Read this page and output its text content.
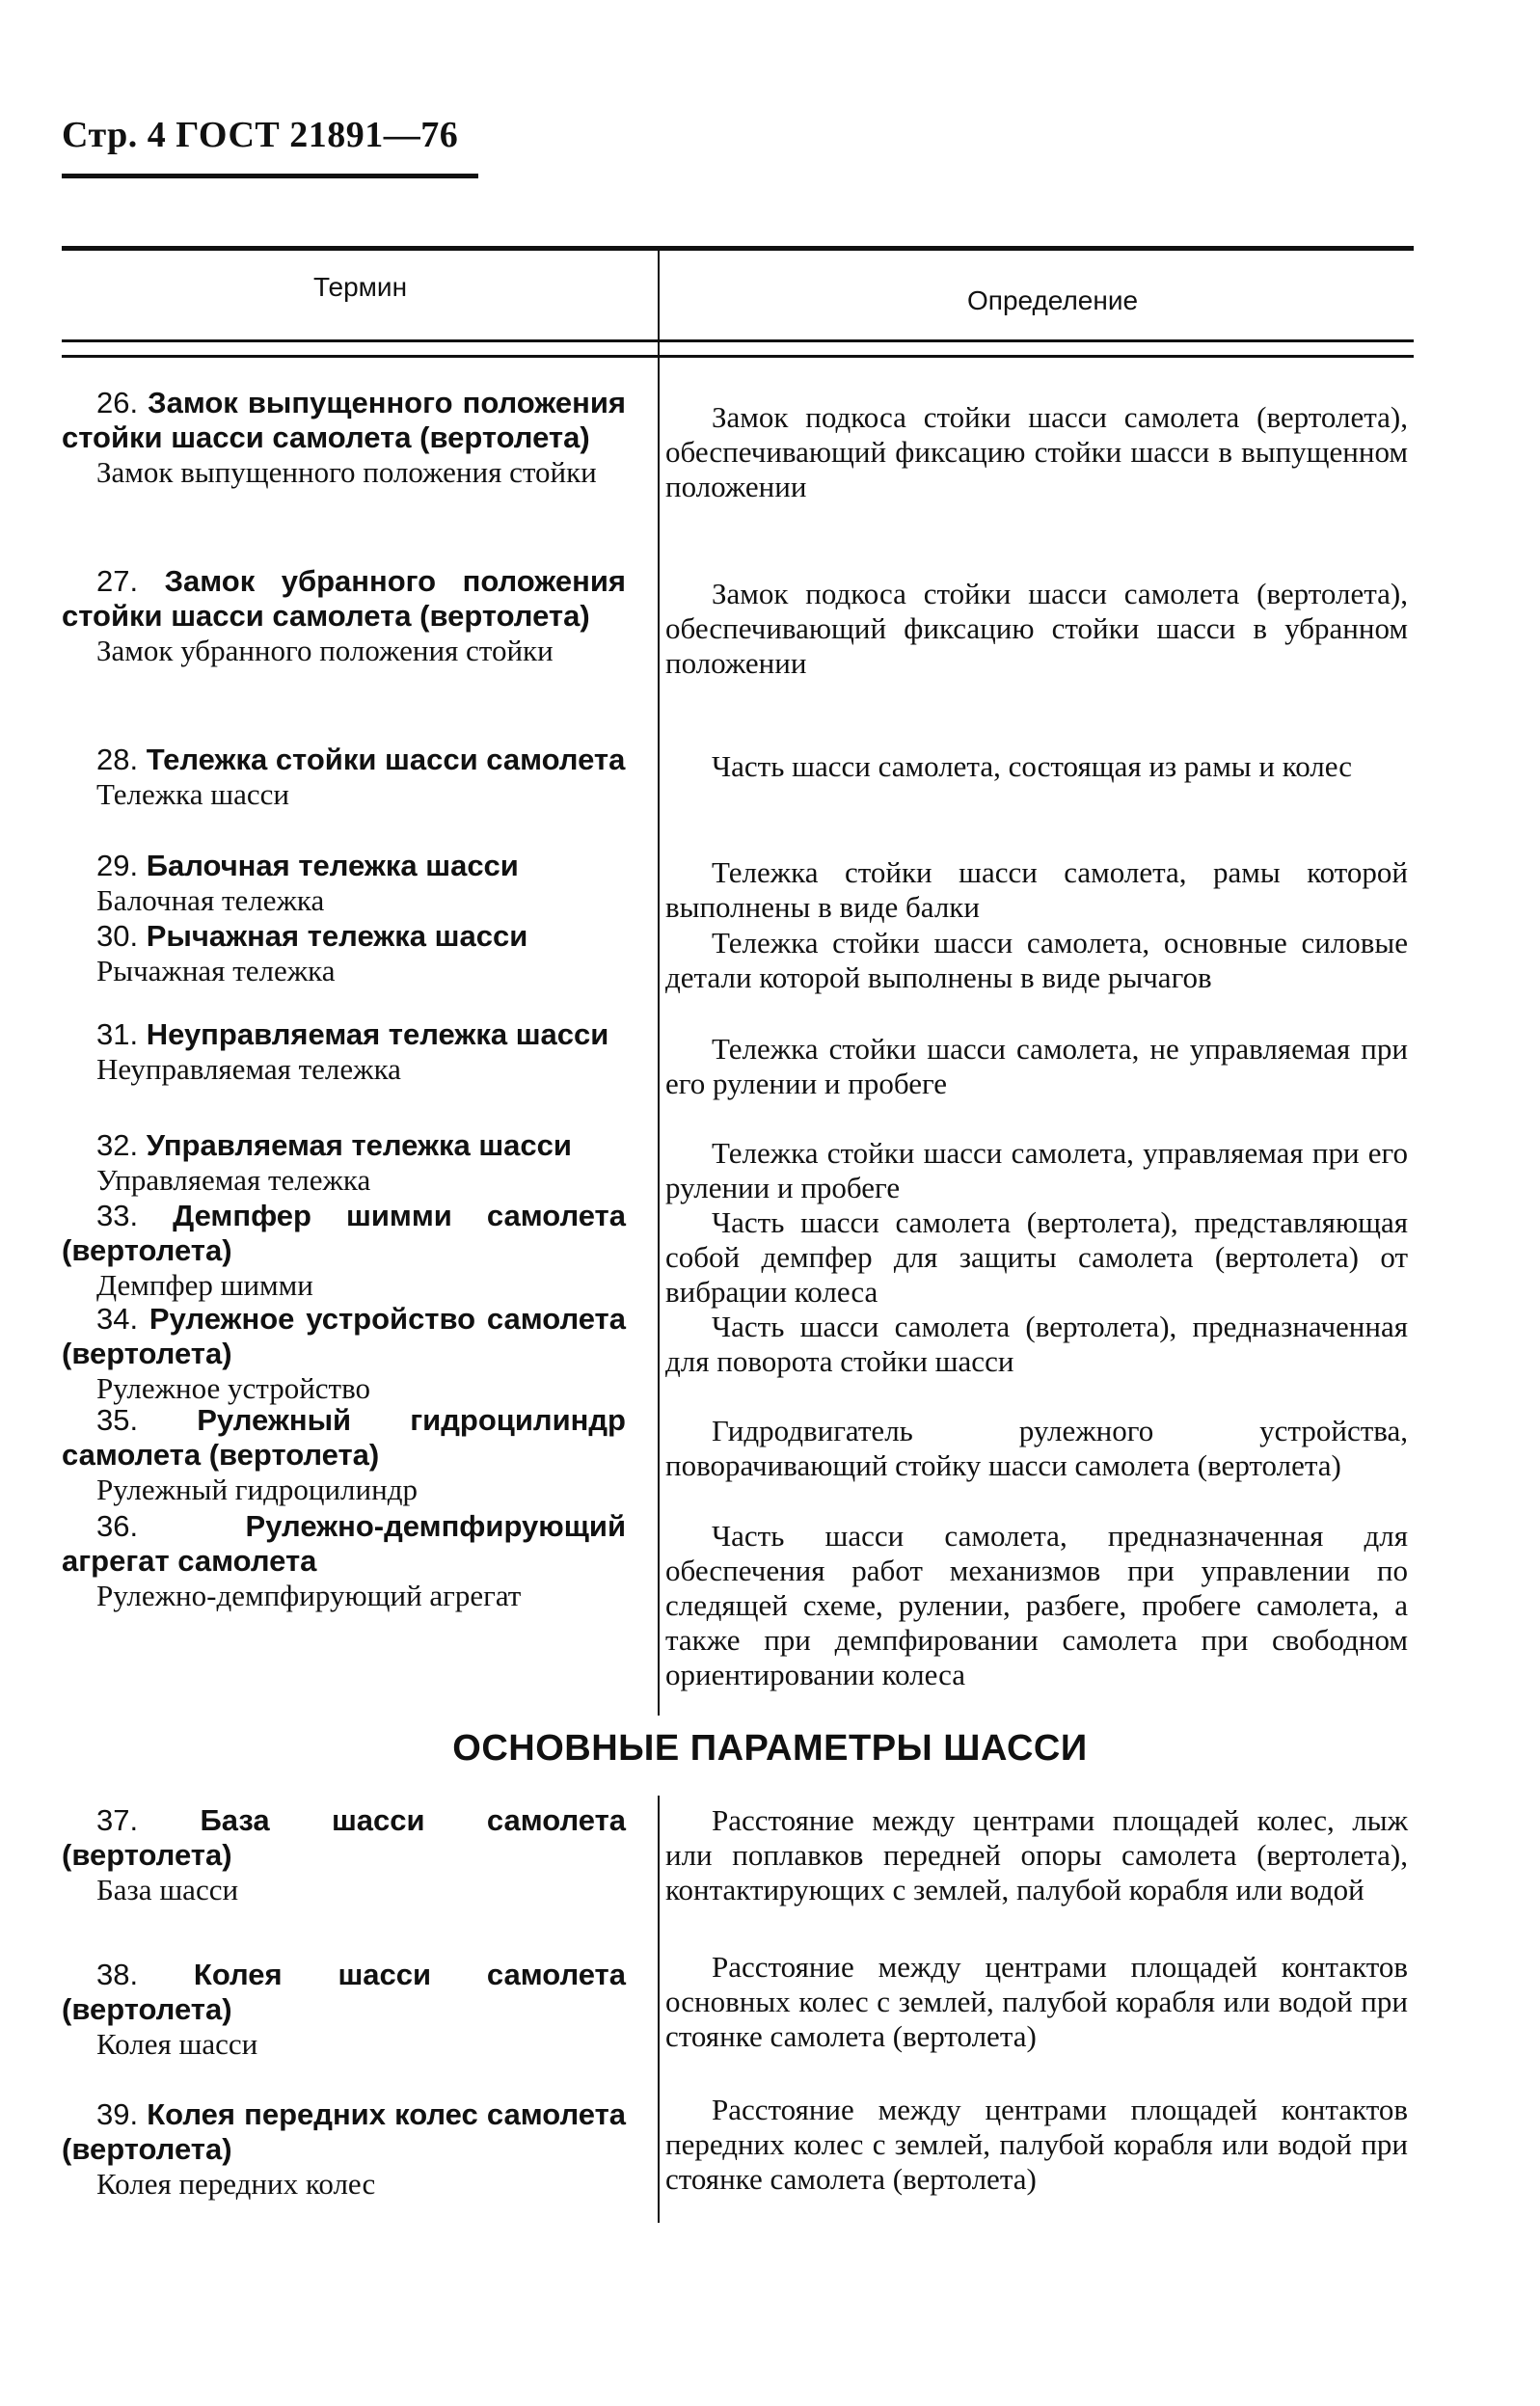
Стр. 4 ГОСТ 21891—76
Термин	Определение
ОСНОВНЫЕ ПАРАМЕТРЫ ШАССИ
26. Замок выпущенного положения стойки шасси самолета (вертолета)
Замок выпущенного положения стойки
Замок подкоса стойки шасси самолета (вертолета), обеспечивающий фиксацию стойки шасси в выпущенном положении
27. Замок убранного положения стойки шасси самолета (вертолета)
Замок убранного положения стойки
Замок подкоса стойки шасси самолета (вертолета), обеспечивающий фиксацию стойки шасси в убранном положении
28. Тележка стойки шасси самолета
Тележка шасси
Часть шасси самолета, состоящая из рамы и колес
29. Балочная тележка шасси
Балочная тележка
Тележка стойки шасси самолета, рамы которой выполнены в виде балки
30. Рычажная тележка шасси
Рычажная тележка
Тележка стойки шасси самолета, основные силовые детали которой выполнены в виде рычагов
31. Неуправляемая тележка шасси
Неуправляемая тележка
Тележка стойки шасси самолета, не управляемая при его рулении и пробеге
32. Управляемая тележка шасси
Управляемая тележка
Тележка стойки шасси самолета, управляемая при его рулении и пробеге
33. Демпфер шимми самолета (вертолета)
Демпфер шимми
Часть шасси самолета (вертолета), представляющая собой демпфер для защиты самолета (вертолета) от вибрации колеса
34. Рулежное устройство самолета (вертолета)
Рулежное устройство
Часть шасси самолета (вертолета), предназначенная для поворота стойки шасси
35. Рулежный гидроцилиндр самолета (вертолета)
Рулежный гидроцилиндр
Гидродвигатель рулежного устройства, поворачивающий стойку шасси самолета (вертолета)
36. Рулежно-демпфирующий агрегат самолета
Рулежно-демпфирующий агрегат
Часть шасси самолета, предназначенная для обеспечения работ механизмов при управлении по следящей схеме, рулении, разбеге, пробеге самолета, а также при демпфировании самолета при свободном ориентировании колеса
37. База шасси самолета (вертолета)
База шасси
Расстояние между центрами площадей колес, лыж или поплавков передней опоры самолета (вертолета), контактирующих с землей, палубой корабля или водой
38. Колея шасси самолета (вертолета)
Колея шасси
Расстояние между центрами площадей контактов основных колес с землей, палубой корабля или водой при стоянке самолета (вертолета)
39. Колея передних колес самолета (вертолета)
Колея передних колес
Расстояние между центрами площадей контактов передних колес с землей, палубой корабля или водой при стоянке самолета (вертолета)
